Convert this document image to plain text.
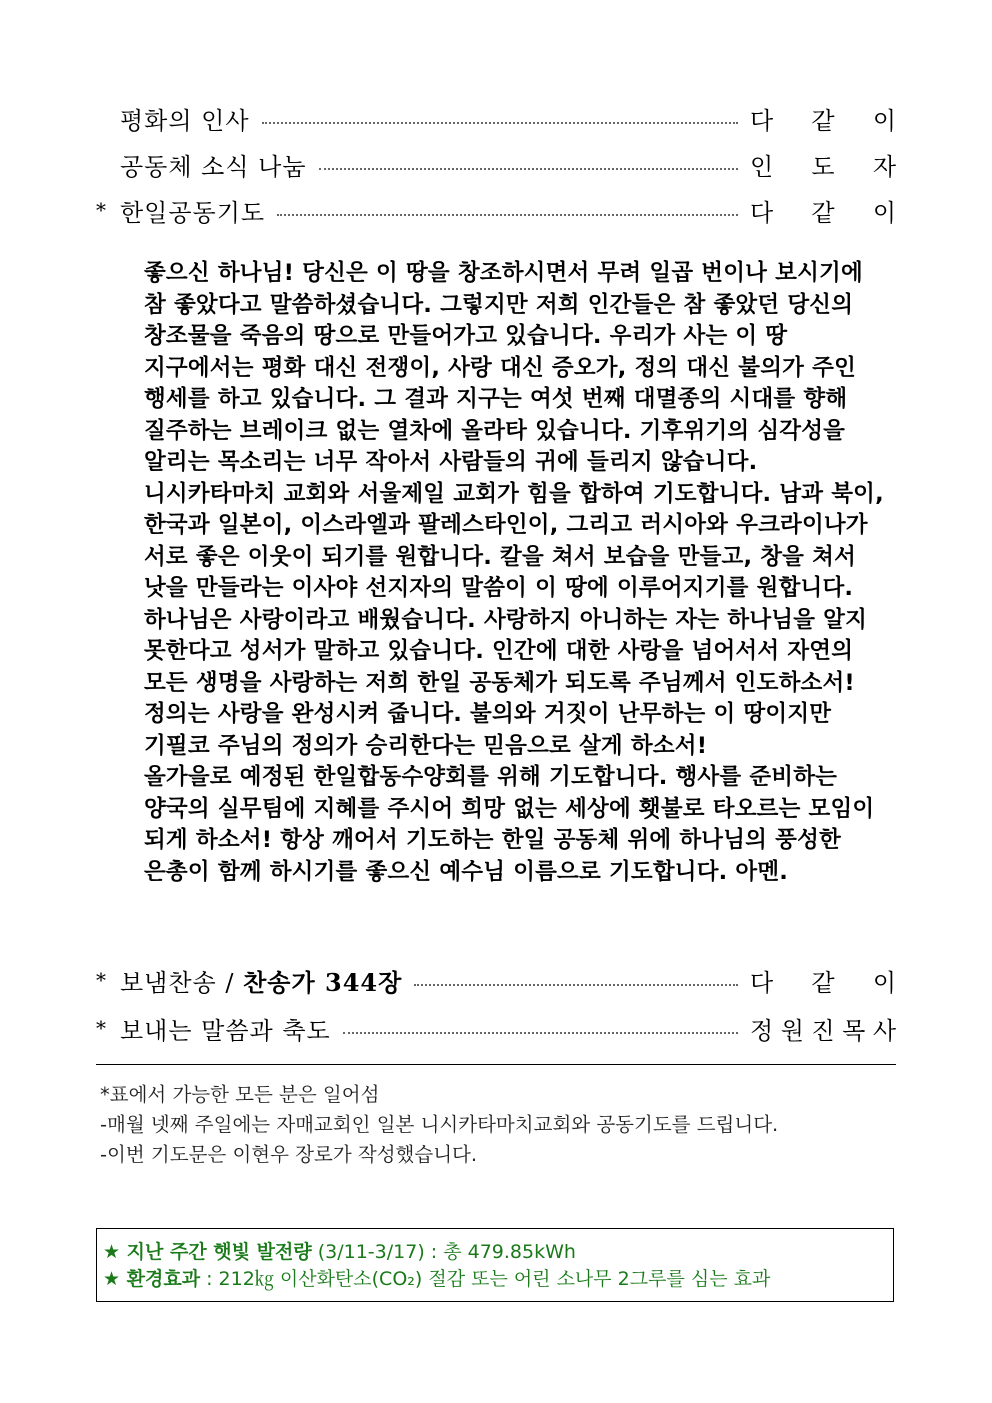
평화의 인사	다 같 이
공동체 소식 나눔	인 도 자
* 한일공동기도	다 같 이

좋으신 하나님! 당신은 이 땅을 창조하시면서 무려 일곱 번이나 보시기에

참 좋았다고 말씀하셨습니다. 그렇지만 저희 인간들은 참 좋았던 당신의

창조물을 죽음의 땅으로 만들어가고 있습니다. 우리가 사는 이 땅

지구에서는 평화 대신 전쟁이, 사랑 대신 증오가, 정의 대신 불의가 주인

행세를 하고 있습니다. 그 결과 지구는 여섯 번째 대멸종의 시대를 향해

질주하는 브레이크 없는 열차에 올라타 있습니다. 기후위기의 심각성을

알리는 목소리는 너무 작아서 사람들의 귀에 들리지 않습니다.

니시카타마치 교회와 서울제일 교회가 힘을 합하여 기도합니다. 남과 북이,

한국과 일본이, 이스라엘과 팔레스타인이, 그리고 러시아와 우크라이나가

서로 좋은 이웃이 되기를 원합니다. 칼을 쳐서 보습을 만들고, 창을 쳐서

낫을 만들라는 이사야 선지자의 말씀이 이 땅에 이루어지기를 원합니다.

하나님은 사랑이라고 배웠습니다. 사랑하지 아니하는 자는 하나님을 알지

못한다고 성서가 말하고 있습니다. 인간에 대한 사랑을 넘어서서 자연의

모든 생명을 사랑하는 저희 한일 공동체가 되도록 주님께서 인도하소서!

정의는 사랑을 완성시켜 줍니다. 불의와 거짓이 난무하는 이 땅이지만

기필코 주님의 정의가 승리한다는 믿음으로 살게 하소서!

올가을로 예정된 한일합동수양회를 위해 기도합니다. 행사를 준비하는

양국의 실무팀에 지혜를 주시어 희망 없는 세상에 횃불로 타오르는 모임이

되게 하소서! 항상 깨어서 기도하는 한일 공동체 위에 하나님의 풍성한

은총이 함께 하시기를 좋으신 예수님 이름으로 기도합니다. 아멘.

* 보냄찬송 / 찬송가 344장	다 같 이
* 보내는 말씀과 축도	정 원 진 목 사

*표에서 가능한 모든 분은 일어섬

-매월 넷째 주일에는 자매교회인 일본 니시카타마치교회와 공동기도를 드립니다.

-이번 기도문은 이현우 장로가 작성했습니다.

★ 지난 주간 햇빛 발전량 (3/11-3/17) : 총 479.85kWh

★ 환경효과 : 212㎏ 이산화탄소(CO₂) 절감 또는 어린 소나무 2그루를 심는 효과
